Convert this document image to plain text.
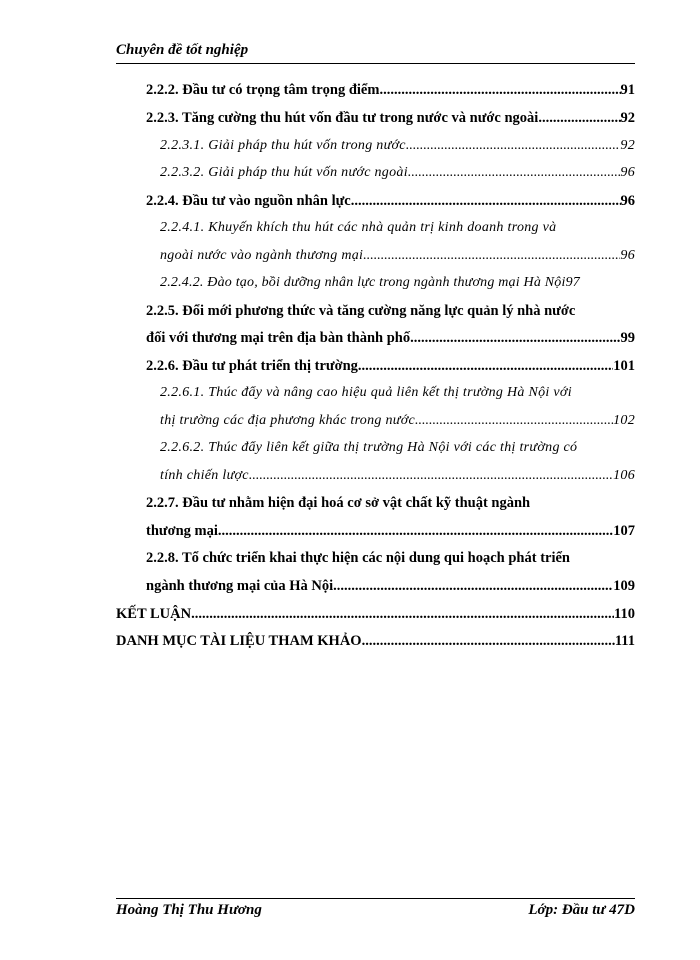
Chuyên đề tốt nghiệp
2.2.2. Đầu tư có trọng tâm trọng điểm .....	91
2.2.3. Tăng cường thu hút vốn đầu tư trong nước và nước ngoài .....	92
2.2.3.1. Giải pháp thu hút vốn trong nước .....	92
2.2.3.2. Giải pháp thu hút vốn nước ngoài .....	96
2.2.4. Đầu tư vào nguồn nhân lực .....	96
2.2.4.1. Khuyến khích thu hút các nhà quản trị kinh doanh trong và
ngoài nước vào ngành thương mại .....	96
2.2.4.2. Đào tạo, bồi dưỡng nhân lực trong ngành thương mại Hà Nội 97
2.2.5. Đổi mới phương thức và tăng cường năng lực quản lý nhà nước
đối với thương mại trên địa bàn thành phố .....	99
2.2.6. Đầu tư phát triển thị trường .....	101
2.2.6.1. Thúc đẩy và nâng cao hiệu quả liên kết thị trường Hà Nội với
thị trường các địa phương khác trong nước .....	102
2.2.6.2. Thúc đẩy liên kết giữa thị trường Hà Nội với các thị trường có
tính chiến lược .....	106
2.2.7. Đầu tư nhằm hiện đại hoá cơ sở vật chất kỹ thuật ngành
thương mại .....	107
2.2.8. Tổ chức triển khai thực hiện các nội dung qui hoạch phát triển
ngành thương mại của Hà Nội .....	109
KẾT LUẬN .....	110
DANH MỤC TÀI LIỆU THAM KHẢO .....	111
Hoàng Thị Thu Hương	Lớp: Đầu tư 47D
